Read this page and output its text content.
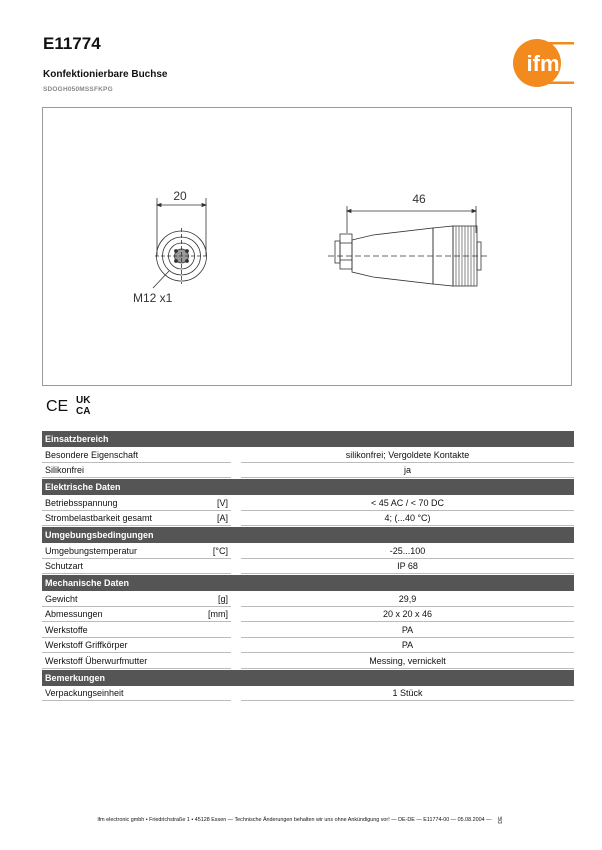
E11774
Konfektionierbare Buchse
SDOGH050MSSFKPG
ifm
20
M12 x1
46
CE UK
CA
Einsatzbereich			
Besondere Eigenschaft			silikonfrei; Vergoldete Kontakte
Silikonfrei			ja
Elektrische Daten			
Betriebsspannung	[V]		< 45 AC / < 70 DC
Strombelastbarkeit gesamt	[A]		4; (...40 °C)
Umgebungsbedingungen			
Umgebungstemperatur	[°C]		-25...100
Schutzart			IP 68
Mechanische Daten			
Gewicht	[g]		29,9
Abmessungen	[mm]		20 x 20 x 46
Werkstoffe			PA
Werkstoff Griffkörper			PA
Werkstoff Überwurfmutter			Messing, vernickelt
Bemerkungen			
Verpackungseinheit			1 Stück
ifm electronic gmbh • Friedrichstraße 1 • 45128 Essen — Technische Änderungen behalten wir uns ohne Ankündigung vor! — DE-DE — E11774-00 — 05.08.2004 — DE
